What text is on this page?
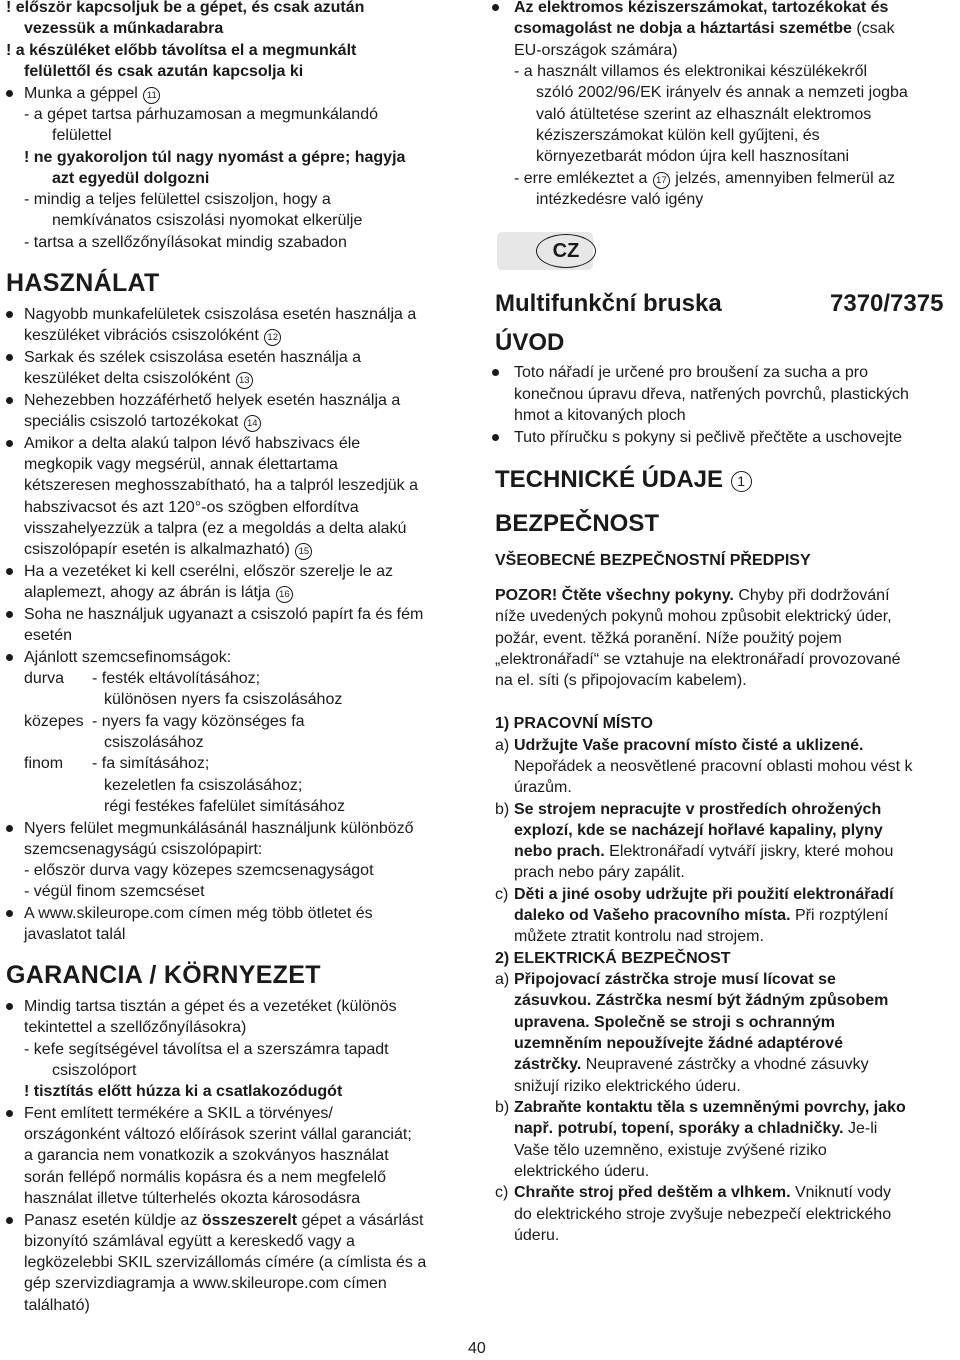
! először kapcsoljuk be a gépet, és csak azután
vezessük a műnkadarabra
! a készüléket előbb távolítsa el a megmunkált
felülettől és csak azután kapcsolja ki
Munka a géppel 11
- a gépet tartsa párhuzamosan a megmunkálandó
felülettel
! ne gyakoroljon túl nagy nyomást a gépre; hagyja
azt egyedül dolgozni
- mindig a teljes felülettel csiszoljon, hogy a
nemkívánatos csiszolási nyomokat elkerülje
- tartsa a szellőzőnyílásokat mindig szabadon
HASZNÁLAT
Nagyobb munkafelületek csiszolása esetén használja a
keszüléket vibrációs csiszolóként 12
Sarkak és szélek csiszolása esetén használja a
keszüléket delta csiszolóként 13
Nehezebben hozzáférhető helyek esetén használja a
speciális csiszoló tartozékokat 14
Amikor a delta alakú talpon lévő habszivacs éle
megkopik vagy megsérül, annak élettartama
kétszeresen meghosszabítható, ha a talpról leszedjük a
habszivacsot és azt 120°-os szögben elfordítva
visszahelyezzük a talpra (ez a megoldás a delta alakú
csiszolópapír esetén is alkalmazható) 15
Ha a vezetéket ki kell cserélni, először szerelje le az
alaplemezt, ahogy az ábrán is látja 16
Soha ne használjuk ugyanazt a csiszoló papírt fa és fém
esetén
Ajánlott szemcsefinomságok:
durva - festék eltávolításához;
különösen nyers fa csiszolásához
közepes - nyers fa vagy közönséges fa
csiszolásához
finom - fa simításához;
kezeletlen fa csiszolásához;
régi festékes fafelület simításához
Nyers felület megmunkálásánál használjunk különböző
szemcsenagyságú csiszolópapirt:
- először durva vagy közepes szemcsenagyságot
- végül finom szemcséset
A www.skileurope.com címen még több ötletet és
javaslatot talál
GARANCIA / KÖRNYEZET
Mindig tartsa tisztán a gépet és a vezetéket (különös
tekintettel a szellőzőnyílásokra)
- kefe segítségével távolítsa el a szerszámra tapadt
csiszolóport
! tisztítás előtt húzza ki a csatlakozódugót
Fent említett termékére a SKIL a törvényes/
országonként változó előírások szerint vállal garanciát;
a garancia nem vonatkozik a szokványos használat
során fellépő normális kopásra és a nem megfelelő
használat illetve túlterhelés okozta károsodásra
Panasz esetén küldje az összeszerelt gépet a vásárlást
bizonyító számlával együtt a kereskedő vagy a
legközelebbi SKIL szervizállomás címére (a címlista és a
gép szervizdiagramja a www.skileurope.com címen
található)
Az elektromos kéziszerszámokat, tartozékokat és
csomagolást ne dobja a háztartási szemétbe (csak
EU-országok számára)
- a használt villamos és elektronikai készülékekről
szóló 2002/96/EK irányelv és annak a nemzeti jogba
való átültetése szerint az elhasznált elektromos
kéziszerszámokat külön kell gyűjteni, és
környezetbarát módon újra kell hasznosítani
- erre emlékeztet a 17 jelzés, amennyiben felmerül az
intézkedésre való igény
CZ
Multifunkční bruska	7370/7375
ÚVOD
Toto nářadí je určené pro broušení za sucha a pro
konečnou úpravu dřeva, natřených povrchů, plastických
hmot a kitovaných ploch
Tuto příručku s pokyny si pečlivě přečtěte a uschovejte
TECHNICKÉ ÚDAJE 1
BEZPEČNOST
VŠEOBECNÉ BEZPEČNOSTNÍ PŘEDPISY
POZOR! Čtěte všechny pokyny. Chyby při dodržování
níže uvedených pokynů mohou způsobit elektrický úder,
požár, event. těžká poranění. Níže použitý pojem
„elektronářadí“ se vztahuje na elektronářadí provozované
na el. síti (s připojovacím kabelem).
1) PRACOVNÍ MÍSTO
a) Udržujte Vaše pracovní místo čisté a uklizené.
Nepořádek a neosvětlené pracovní oblasti mohou vést k
úrazům.
b) Se strojem nepracujte v prostředích ohrožených
explozí, kde se nacházejí hořlavé kapaliny, plyny
nebo prach. Elektronářadí vytváří jiskry, které mohou
prach nebo páry zapálit.
c) Děti a jiné osoby udržujte při použití elektronářadí
daleko od Vašeho pracovního místa. Při rozptýlení
můžete ztratit kontrolu nad strojem.
2) ELEKTRICKÁ BEZPEČNOST
a) Připojovací zástrčka stroje musí lícovat se
zásuvkou. Zástrčka nesmí být žádným způsobem
upravena. Společně se stroji s ochranným
uzemněním nepoužívejte žádné adaptérové
zástrčky. Neupravené zástrčky a vhodné zásuvky
snižují riziko elektrického úderu.
b) Zabraňte kontaktu těla s uzemněnými povrchy, jako
např. potrubí, topení, sporáky a chladničky. Je-li
Vaše tělo uzemněno, existuje zvýšené riziko
elektrického úderu.
c) Chraňte stroj před deštěm a vlhkem. Vniknutí vody
do elektrického stroje zvyšuje nebezpečí elektrického
úderu.
40
